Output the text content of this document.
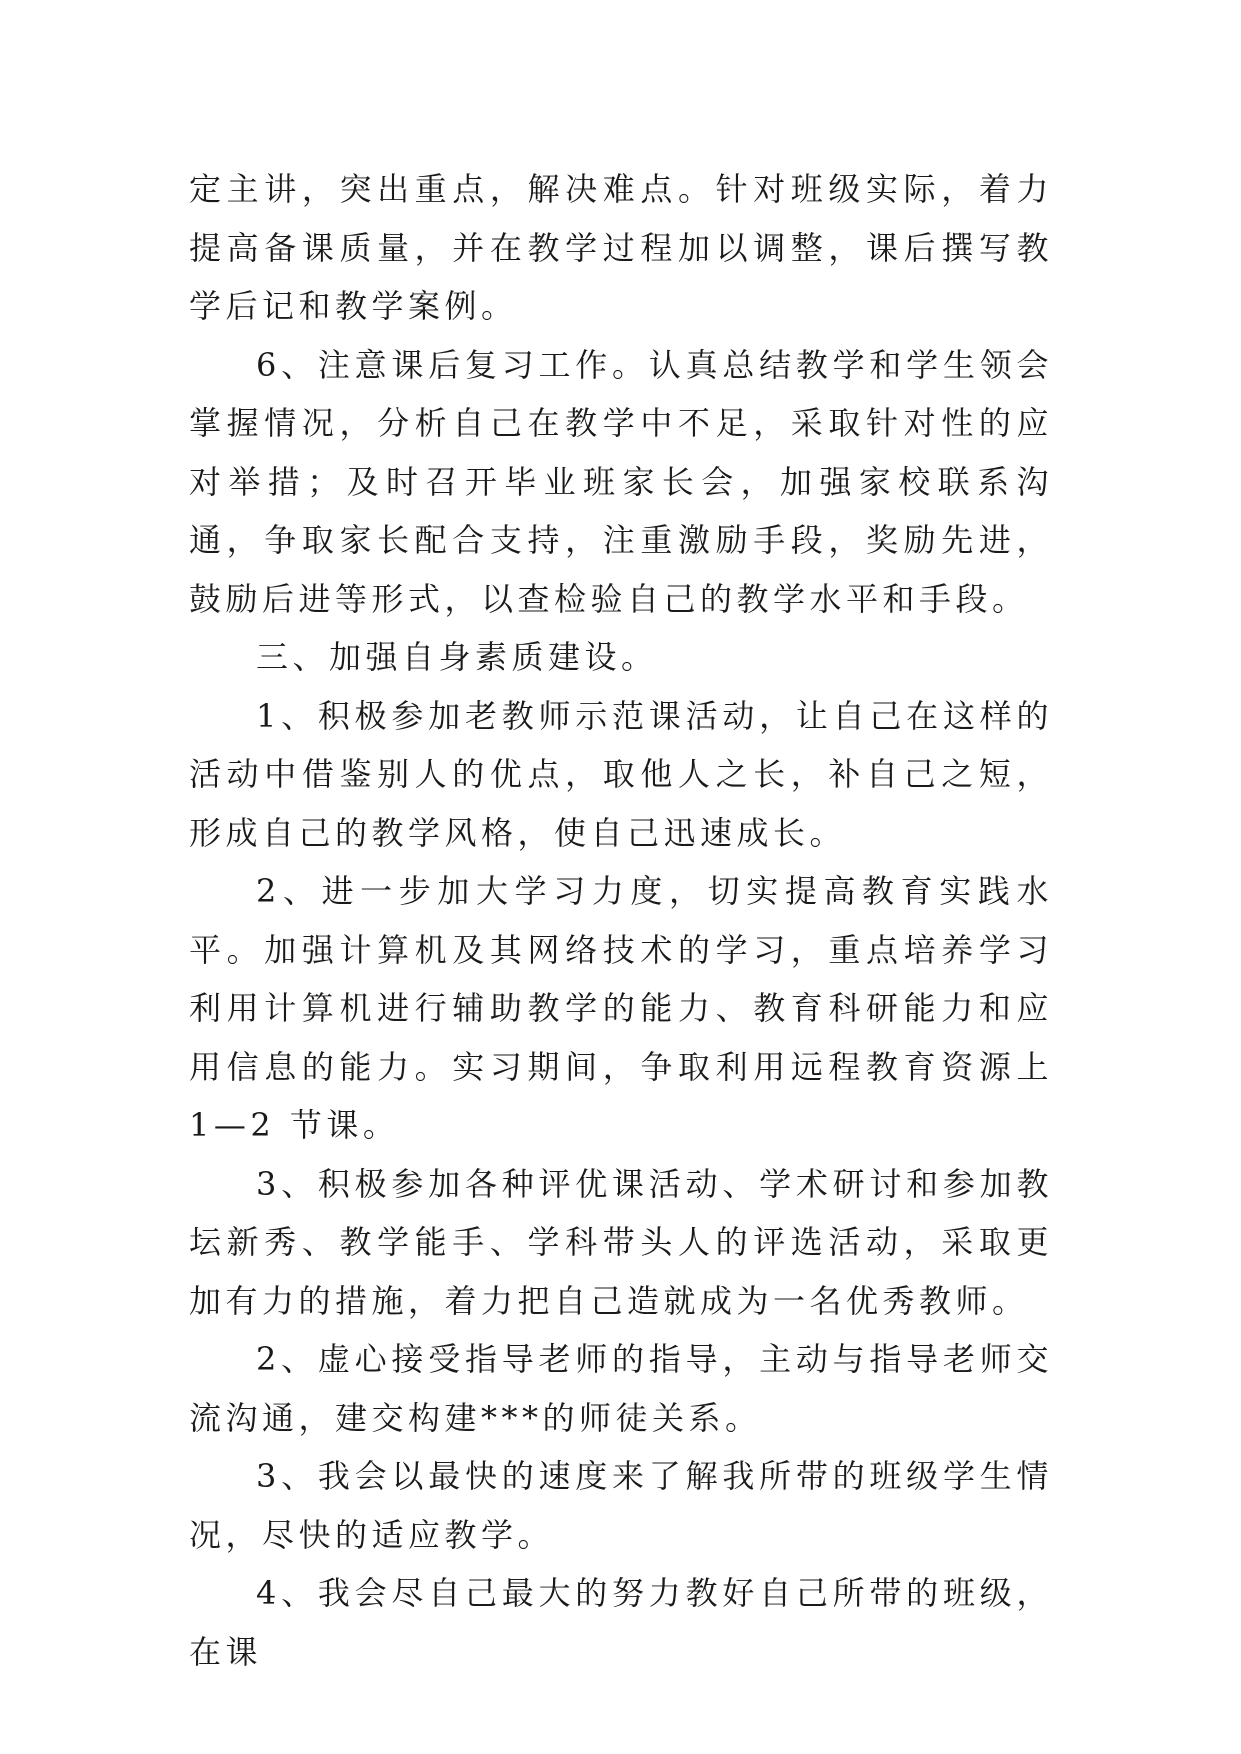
定主讲，突出重点，解决难点。针对班级实际，着力提高备课质量，并在教学过程加以调整，课后撰写教学后记和教学案例。

6、注意课后复习工作。认真总结教学和学生领会掌握情况，分析自己在教学中不足，采取针对性的应对举措；及时召开毕业班家长会，加强家校联系沟通，争取家长配合支持，注重激励手段，奖励先进，鼓励后进等形式，以查检验自己的教学水平和手段。

三、加强自身素质建设。

1、积极参加老教师示范课活动，让自己在这样的活动中借鉴别人的优点，取他人之长，补自己之短，形成自己的教学风格，使自己迅速成长。

2、进一步加大学习力度，切实提高教育实践水平。加强计算机及其网络技术的学习，重点培养学习利用计算机进行辅助教学的能力、教育科研能力和应用信息的能力。实习期间，争取利用远程教育资源上 1—2 节课。

3、积极参加各种评优课活动、学术研讨和参加教坛新秀、教学能手、学科带头人的评选活动，采取更加有力的措施，着力把自己造就成为一名优秀教师。

2、虚心接受指导老师的指导，主动与指导老师交流沟通，建交构建***的师徒关系。

3、我会以最快的速度来了解我所带的班级学生情况，尽快的适应教学。

4、我会尽自己最大的努力教好自己所带的班级，在课
